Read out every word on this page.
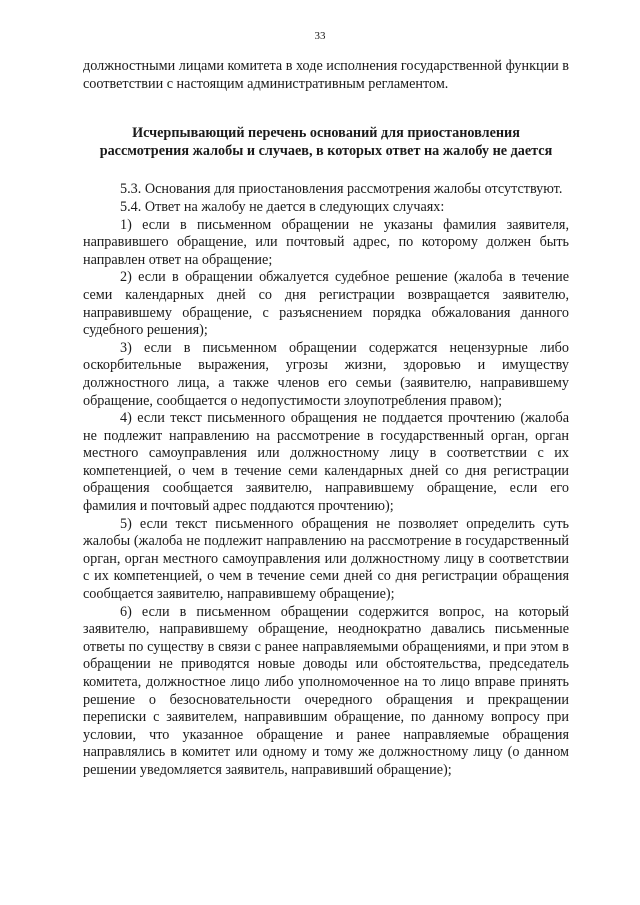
33

должностными лицами комитета в ходе исполнения государственной функции в соответствии с настоящим административным регламентом.

Исчерпывающий перечень оснований для приостановления
рассмотрения жалобы и случаев, в которых ответ на жалобу не дается

5.3. Основания для приостановления рассмотрения жалобы отсутствуют.

5.4. Ответ на жалобу не дается в следующих случаях:

1) если в письменном обращении не указаны фамилия заявителя, направившего обращение, или почтовый адрес, по которому должен быть направлен ответ на обращение;

2) если в обращении обжалуется судебное решение (жалоба в течение семи календарных дней со дня регистрации возвращается заявителю, направившему обращение, с разъяснением порядка обжалования данного судебного решения);

3) если в письменном обращении содержатся нецензурные либо оскорбительные выражения, угрозы жизни, здоровью и имуществу должностного лица, а также членов его семьи (заявителю, направившему обращение, сообщается о недопустимости злоупотребления правом);

4) если текст письменного обращения не поддается прочтению (жалоба не подлежит направлению на рассмотрение в государственный орган, орган местного самоуправления или должностному лицу в соответствии с их компетенцией, о чем в течение семи календарных дней со дня регистрации обращения сообщается заявителю, направившему обращение, если его фамилия и почтовый адрес поддаются прочтению);

5) если текст письменного обращения не позволяет определить суть жалобы (жалоба не подлежит направлению на рассмотрение в государственный орган, орган местного самоуправления или должностному лицу в соответствии с их компетенцией, о чем в течение семи дней со дня регистрации обращения сообщается заявителю, направившему обращение);

6) если в письменном обращении содержится вопрос, на который заявителю, направившему обращение, неоднократно давались письменные ответы по существу в связи с ранее направляемыми обращениями, и при этом в обращении не приводятся новые доводы или обстоятельства, председатель комитета, должностное лицо либо уполномоченное на то лицо вправе принять решение о безосновательности очередного обращения и прекращении переписки с заявителем, направившим обращение, по данному вопросу при условии, что указанное обращение и ранее направляемые обращения направлялись в комитет или одному и тому же должностному лицу (о данном решении уведомляется заявитель, направивший обращение);
